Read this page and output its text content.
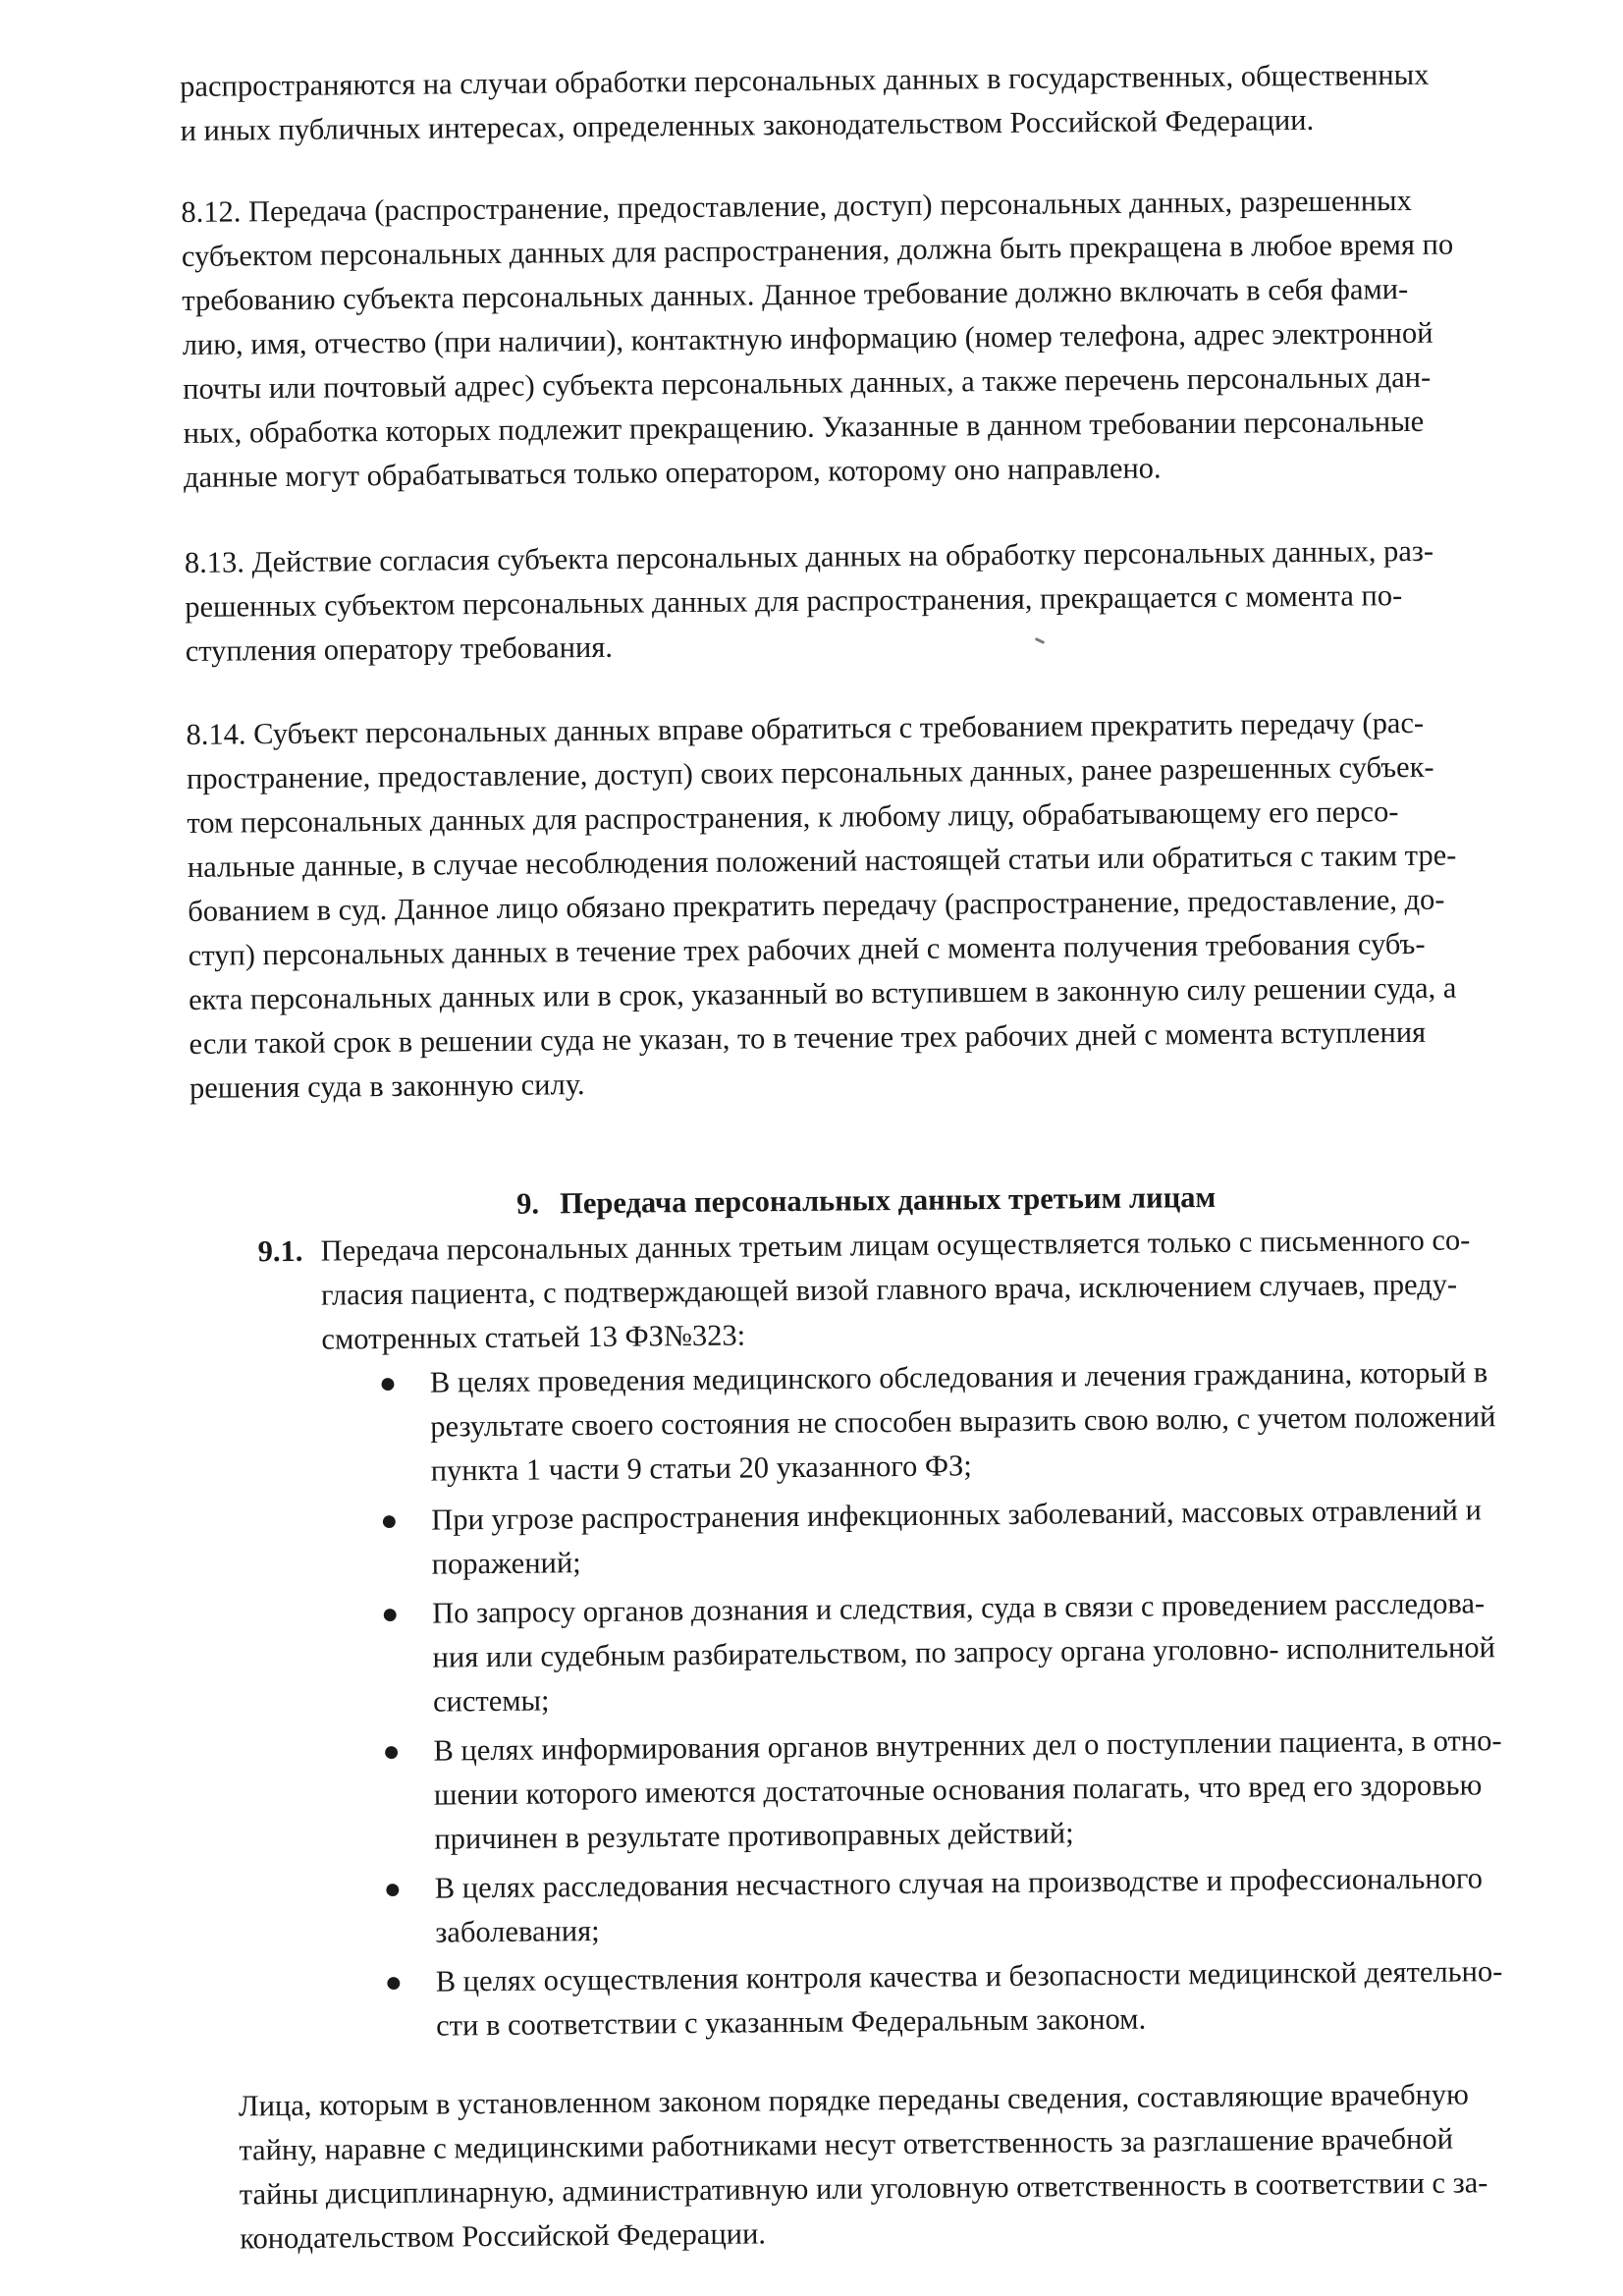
распространяются на случаи обработки персональных данных в государственных, общественных
и иных публичных интересах, определенных законодательством Российской Федерации.

8.12. Передача (распространение, предоставление, доступ) персональных данных, разрешенных
субъектом персональных данных для распространения, должна быть прекращена в любое время по
требованию субъекта персональных данных. Данное требование должно включать в себя фами-
лию, имя, отчество (при наличии), контактную информацию (номер телефона, адрес электронной
почты или почтовый адрес) субъекта персональных данных, а также перечень персональных дан-
ных, обработка которых подлежит прекращению. Указанные в данном требовании персональные
данные могут обрабатываться только оператором, которому оно направлено.

8.13. Действие согласия субъекта персональных данных на обработку персональных данных, раз-
решенных субъектом персональных данных для распространения, прекращается с момента по-
ступления оператору требования.

8.14. Субъект персональных данных вправе обратиться с требованием прекратить передачу (рас-
пространение, предоставление, доступ) своих персональных данных, ранее разрешенных субъек-
том персональных данных для распространения, к любому лицу, обрабатывающему его персо-
нальные данные, в случае несоблюдения положений настоящей статьи или обратиться с таким тре-
бованием в суд. Данное лицо обязано прекратить передачу (распространение, предоставление, до-
ступ) персональных данных в течение трех рабочих дней с момента получения требования субъ-
екта персональных данных или в срок, указанный во вступившем в законную силу решении суда, а
если такой срок в решении суда не указан, то в течение трех рабочих дней с момента вступления
решения суда в законную силу.

9. Передача персональных данных третьим лицам
9.1. Передача персональных данных третьим лицам осуществляется только с письменного со-
гласия пациента, с подтверждающей визой главного врача, исключением случаев, преду-
смотренных статьей 13 ФЗ№323:
● В целях проведения медицинского обследования и лечения гражданина, который в
результате своего состояния не способен выразить свою волю, с учетом положений
пункта 1 части 9 статьи 20 указанного ФЗ;
● При угрозе распространения инфекционных заболеваний, массовых отравлений и
поражений;
● По запросу органов дознания и следствия, суда в связи с проведением расследова-
ния или судебным разбирательством, по запросу органа уголовно- исполнительной
системы;
● В целях информирования органов внутренних дел о поступлении пациента, в отно-
шении которого имеются достаточные основания полагать, что вред его здоровью
причинен в результате противоправных действий;
● В целях расследования несчастного случая на производстве и профессионального
заболевания;
● В целях осуществления контроля качества и безопасности медицинской деятельно-
сти в соответствии с указанным Федеральным законом.

Лица, которым в установленном законом порядке переданы сведения, составляющие врачебную
тайну, наравне с медицинскими работниками несут ответственность за разглашение врачебной
тайны дисциплинарную, административную или уголовную ответственность в соответствии с за-
конодательством Российской Федерации.
